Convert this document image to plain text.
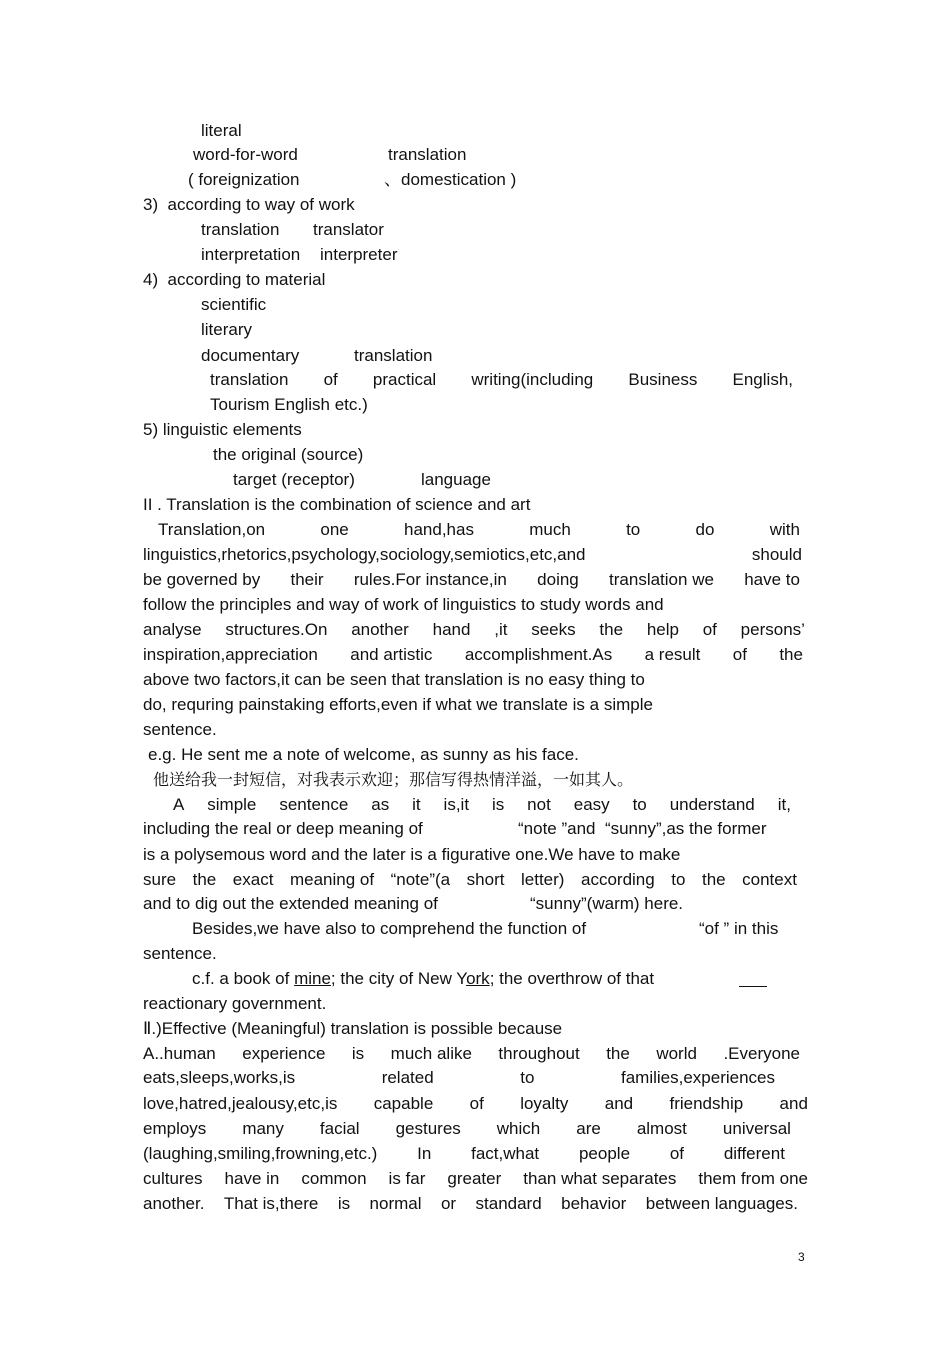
literal
word-for-word	translation
( foreignization	、domestication )
3)  according to way of work
translation translator
interpretation interpreter
4)  according to material
scientific
literary
documentary	translation
translation of practical writing(including Business English,
Tourism English etc.)
5) linguistic elements
the original (source)
target (receptor)	language
II . Translation is the combination of science and art
Translation,on	one	hand,has	much	to	do	with
linguistics,rhetorics,psychology,sociology,semiotics,etc,and	should
be governed by their rules.For instance,in doing translation we have to
follow the principles and way of work of linguistics to study words and
analyse structures.On another hand ,it seeks the help of persons’
inspiration,appreciation and artistic accomplishment.As a result of the
above two factors,it can be seen that translation is no easy thing to
do, requring painstaking efforts,even if what we translate is a simple
sentence.
e.g. He sent me a note of welcome, as sunny as his face.
他送给我一封短信，对我表示欢迎；那信写得热情洋溢，一如其人。
A simple sentence as it is,it is not easy to understand it,
including the real or deep meaning of	“note ”and  “sunny”,as the former
is a polysemous word and the later is a figurative one.We have to make
sure the exact meaning of “note”(a short letter) according to the context
and to dig out the extended meaning of	“sunny”(warm) here.
Besides,we have also to comprehend the function of	“of ” in this
sentence.
c.f. a book of mine; the city of New York; the overthrow of that
reactionary government.
Ⅱ.)Effective (Meaningful) translation is possible because
A..human experience is much alike throughout the world .Everyone
eats,sleeps,works,is	related	to	families,experiences
love,hatred,jealousy,etc,is capable of loyalty and friendship and
employs many facial gestures which are almost universal
(laughing,smiling,frowning,etc.) In fact,what people of different
cultures have in common is far greater than what separates them from one
another. That is,there is normal or standard behavior between languages.
3
